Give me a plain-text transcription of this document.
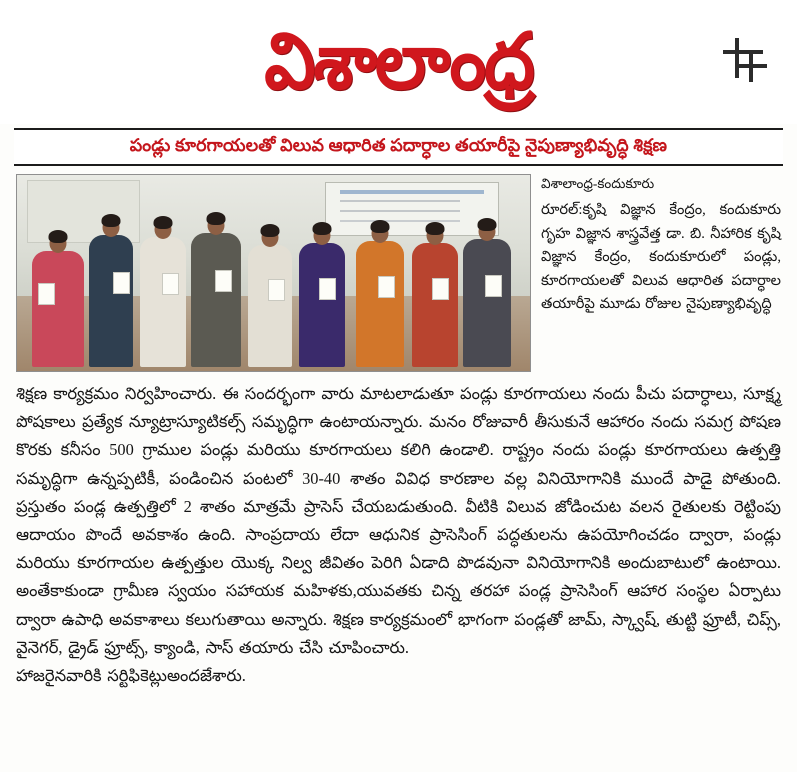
విశాలాంధ్ర
పండ్లు కూరగాయలతో విలువ ఆధారిత పదార్ధాల తయారీపై నైపుణ్యాభివృద్ధి శిక్షణ
విశాలాంధ్ర-కందుకూరు
రూరల్:కృషి విజ్ఞాన కేంద్రం, కందుకూరు గృహ విజ్ఞాన శాస్త్రవేత్త డా. బి. నీహారిక కృషి విజ్ఞాన కేంద్రం, కందుకూరులో పండ్లు, కూరగాయలతో విలువ ఆధారిత పదార్ధాల తయారీపై మూడు రోజుల నైపుణ్యాభివృద్ధి
శిక్షణ కార్యక్రమం నిర్వహించారు. ఈ సందర్భంగా వారు మాటలాడుతూ పండ్లు కూరగాయలు నందు పీచు పదార్ధాలు, సూక్ష్మ పోషకాలు ప్రత్యేక న్యూట్రాస్యూటికల్స్ సమృద్ధిగా ఉంటాయన్నారు. మనం రోజువారీ తీసుకునే ఆహారం నందు సమగ్ర పోషణ కొరకు కనీసం 500 గ్రాముల పండ్లు మరియు కూరగాయలు కలిగి ఉండాలి. రాష్ట్రం నందు పండ్లు కూరగాయలు ఉత్పత్తి సమృద్ధిగా ఉన్నప్పటికీ, పండించిన పంటలో 30-40 శాతం వివిధ కారణాల వల్ల వినియోగానికి ముందే పాడై పోతుంది. ప్రస్తుతం పండ్ల ఉత్పత్తిలో 2 శాతం మాత్రమే ప్రాసెస్ చేయబడుతుంది. వీటికి విలువ జోడించుట వలన రైతులకు రెట్టింపు ఆదాయం పొందే అవకాశం ఉంది. సాంప్రదాయ లేదా ఆధునిక ప్రాసెసింగ్ పద్ధతులను ఉపయోగించడం ద్వారా, పండ్లు మరియు కూరగాయల ఉత్పత్తుల యొక్క నిల్వ జీవితం పెరిగి ఏడాది పొడవునా వినియోగానికి అందుబాటులో ఉంటాయి. అంతేకాకుండా గ్రామీణ స్వయం సహాయక మహిళకు,యువతకు చిన్న తరహా పండ్ల ప్రాసెసింగ్ ఆహార సంస్థల ఏర్పాటు ద్వారా ఉపాధి అవకాశాలు కలుగుతాయి అన్నారు. శిక్షణ కార్యక్రమంలో భాగంగా పండ్లతో జామ్, స్క్వాష్, తుట్టి ఫ్రూటీ, చిప్స్, వైనెగర్, డ్రైడ్ ఫ్రూట్స్, క్యాండి, సాస్ తయారు చేసి చూపించారు.
హాజరైనవారికి సర్టిఫికెట్లుఅందజేశారు.
